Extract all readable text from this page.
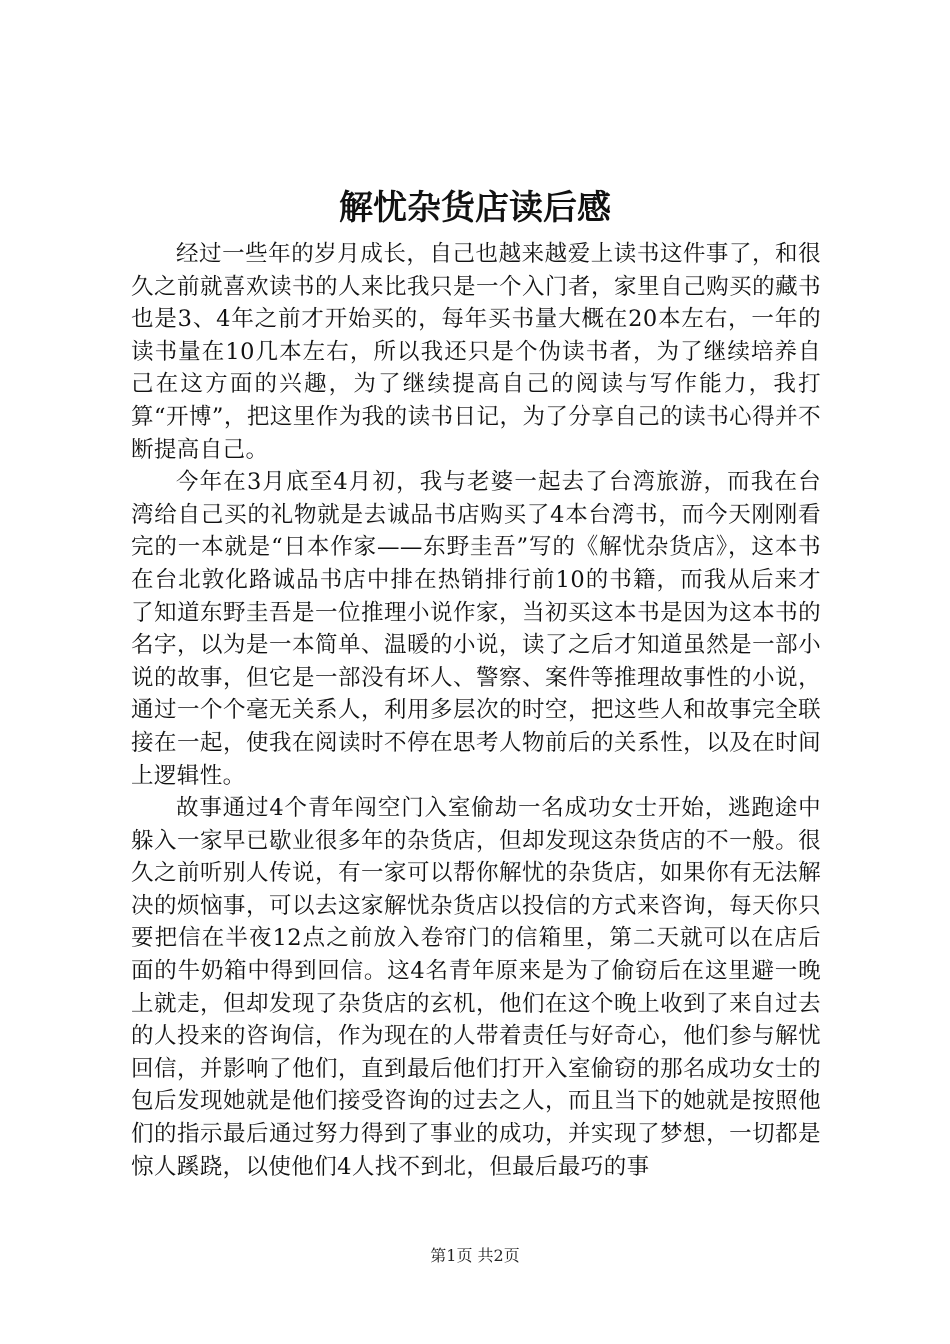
解忧杂货店读后感

经过一些年的岁月成长，自己也越来越爱上读书这件事了，和很久之前就喜欢读书的人来比我只是一个入门者，家里自己购买的藏书也是3、4年之前才开始买的，每年买书量大概在20本左右，一年的读书量在10几本左右，所以我还只是个伪读书者，为了继续培养自己在这方面的兴趣，为了继续提高自己的阅读与写作能力，我打算“开博”，把这里作为我的读书日记，为了分享自己的读书心得并不断提高自己。

今年在3月底至4月初，我与老婆一起去了台湾旅游，而我在台湾给自己买的礼物就是去诚品书店购买了4本台湾书，而今天刚刚看完的一本就是“日本作家——东野圭吾”写的《解忧杂货店》，这本书在台北敦化路诚品书店中排在热销排行前10的书籍，而我从后来才了知道东野圭吾是一位推理小说作家，当初买这本书是因为这本书的名字，以为是一本简单、温暖的小说，读了之后才知道虽然是一部小说的故事，但它是一部没有坏人、警察、案件等推理故事性的小说，通过一个个毫无关系人，利用多层次的时空，把这些人和故事完全联接在一起，使我在阅读时不停在思考人物前后的关系性，以及在时间上逻辑性。

故事通过4个青年闯空门入室偷劫一名成功女士开始，逃跑途中躲入一家早已歇业很多年的杂货店，但却发现这杂货店的不一般。很久之前听别人传说，有一家可以帮你解忧的杂货店，如果你有无法解决的烦恼事，可以去这家解忧杂货店以投信的方式来咨询，每天你只要把信在半夜12点之前放入卷帘门的信箱里，第二天就可以在店后面的牛奶箱中得到回信。这4名青年原来是为了偷窃后在这里避一晚上就走，但却发现了杂货店的玄机，他们在这个晚上收到了来自过去的人投来的咨询信，作为现在的人带着责任与好奇心，他们参与解忧回信，并影响了他们，直到最后他们打开入室偷窃的那名成功女士的包后发现她就是他们接受咨询的过去之人，而且当下的她就是按照他们的指示最后通过努力得到了事业的成功，并实现了梦想，一切都是惊人蹊跷，以使他们4人找不到北，但最后最巧的事

第1页 共2页
